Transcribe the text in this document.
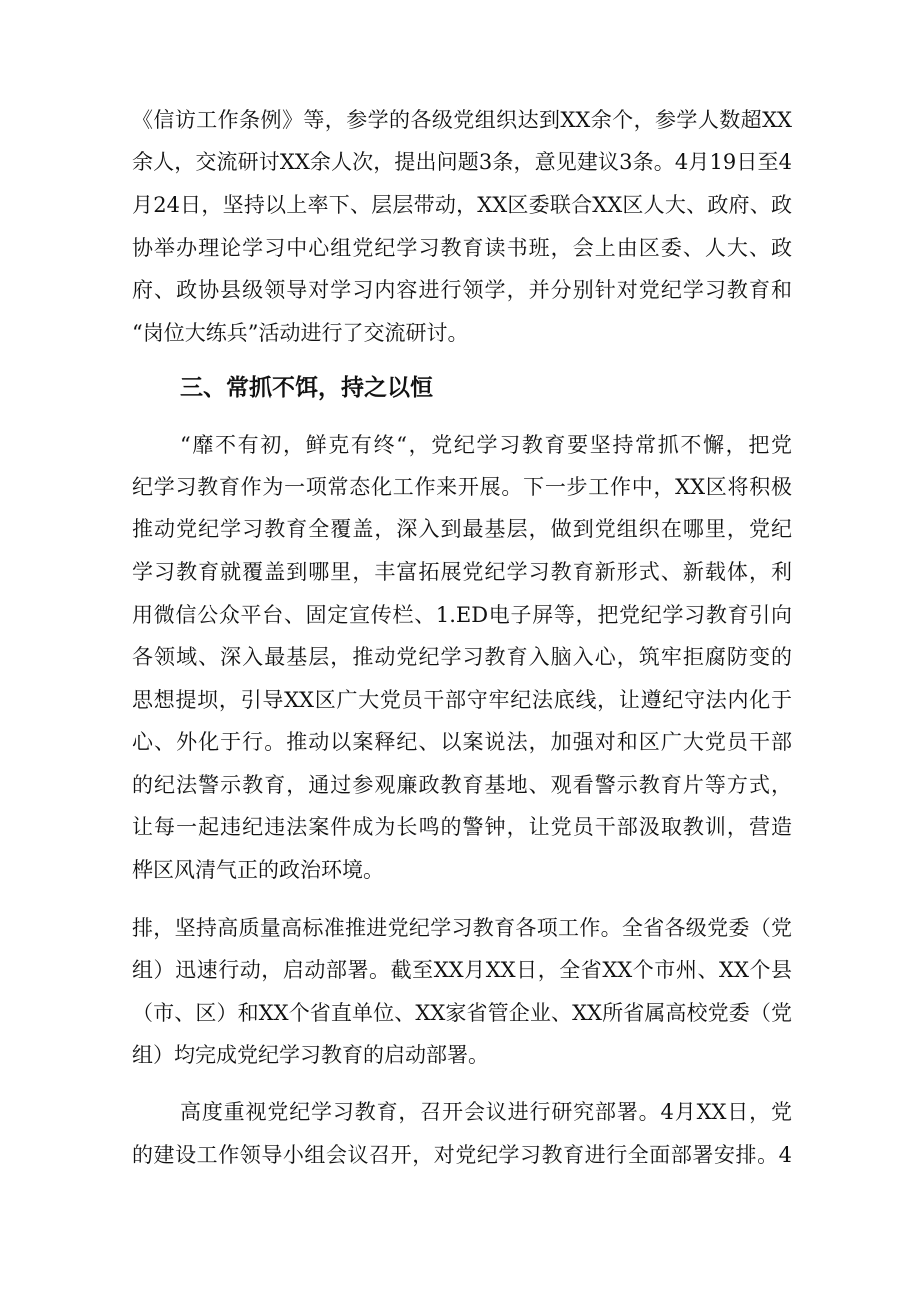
《信访工作条例》等，参学的各级党组织达到XX余个，参学人数超XX
余人，交流研讨XX余人次，提出问题3条，意见建议3条。4月19日至4
月24日，坚持以上率下、层层带动，XX区委联合XX区人大、政府、政
协举办理论学习中心组党纪学习教育读书班，会上由区委、人大、政
府、政协县级领导对学习内容进行领学，并分别针对党纪学习教育和
“岗位大练兵”活动进行了交流研讨。
三、常抓不饵，持之以恒
“靡不有初，鲜克有终“，党纪学习教育要坚持常抓不懈，把党
纪学习教育作为一项常态化工作来开展。下一步工作中，XX区将积极
推动党纪学习教育全覆盖，深入到最基层，做到党组织在哪里，党纪
学习教育就覆盖到哪里，丰富拓展党纪学习教育新形式、新载体，利
用微信公众平台、固定宣传栏、1.ED电子屏等，把党纪学习教育引向
各领域、深入最基层，推动党纪学习教育入脑入心，筑牢拒腐防变的
思想提坝，引导XX区广大党员干部守牢纪法底线，让遵纪守法内化于
心、外化于行。推动以案释纪、以案说法，加强对和区广大党员干部
的纪法警示教育，通过参观廉政教育基地、观看警示教育片等方式，
让每一起违纪违法案件成为长鸣的警钟，让党员干部汲取教训，营造
桦区风清气正的政治环境。
排，坚持高质量高标准推进党纪学习教育各项工作。全省各级党委（党
组）迅速行动，启动部署。截至XX月XX日，全省XX个市州、XX个县
（市、区）和XX个省直单位、XX家省管企业、XX所省属高校党委（党
组）均完成党纪学习教育的启动部署。
高度重视党纪学习教育，召开会议进行研究部署。4月XX日，党
的建设工作领导小组会议召开，对党纪学习教育进行全面部署安排。4
